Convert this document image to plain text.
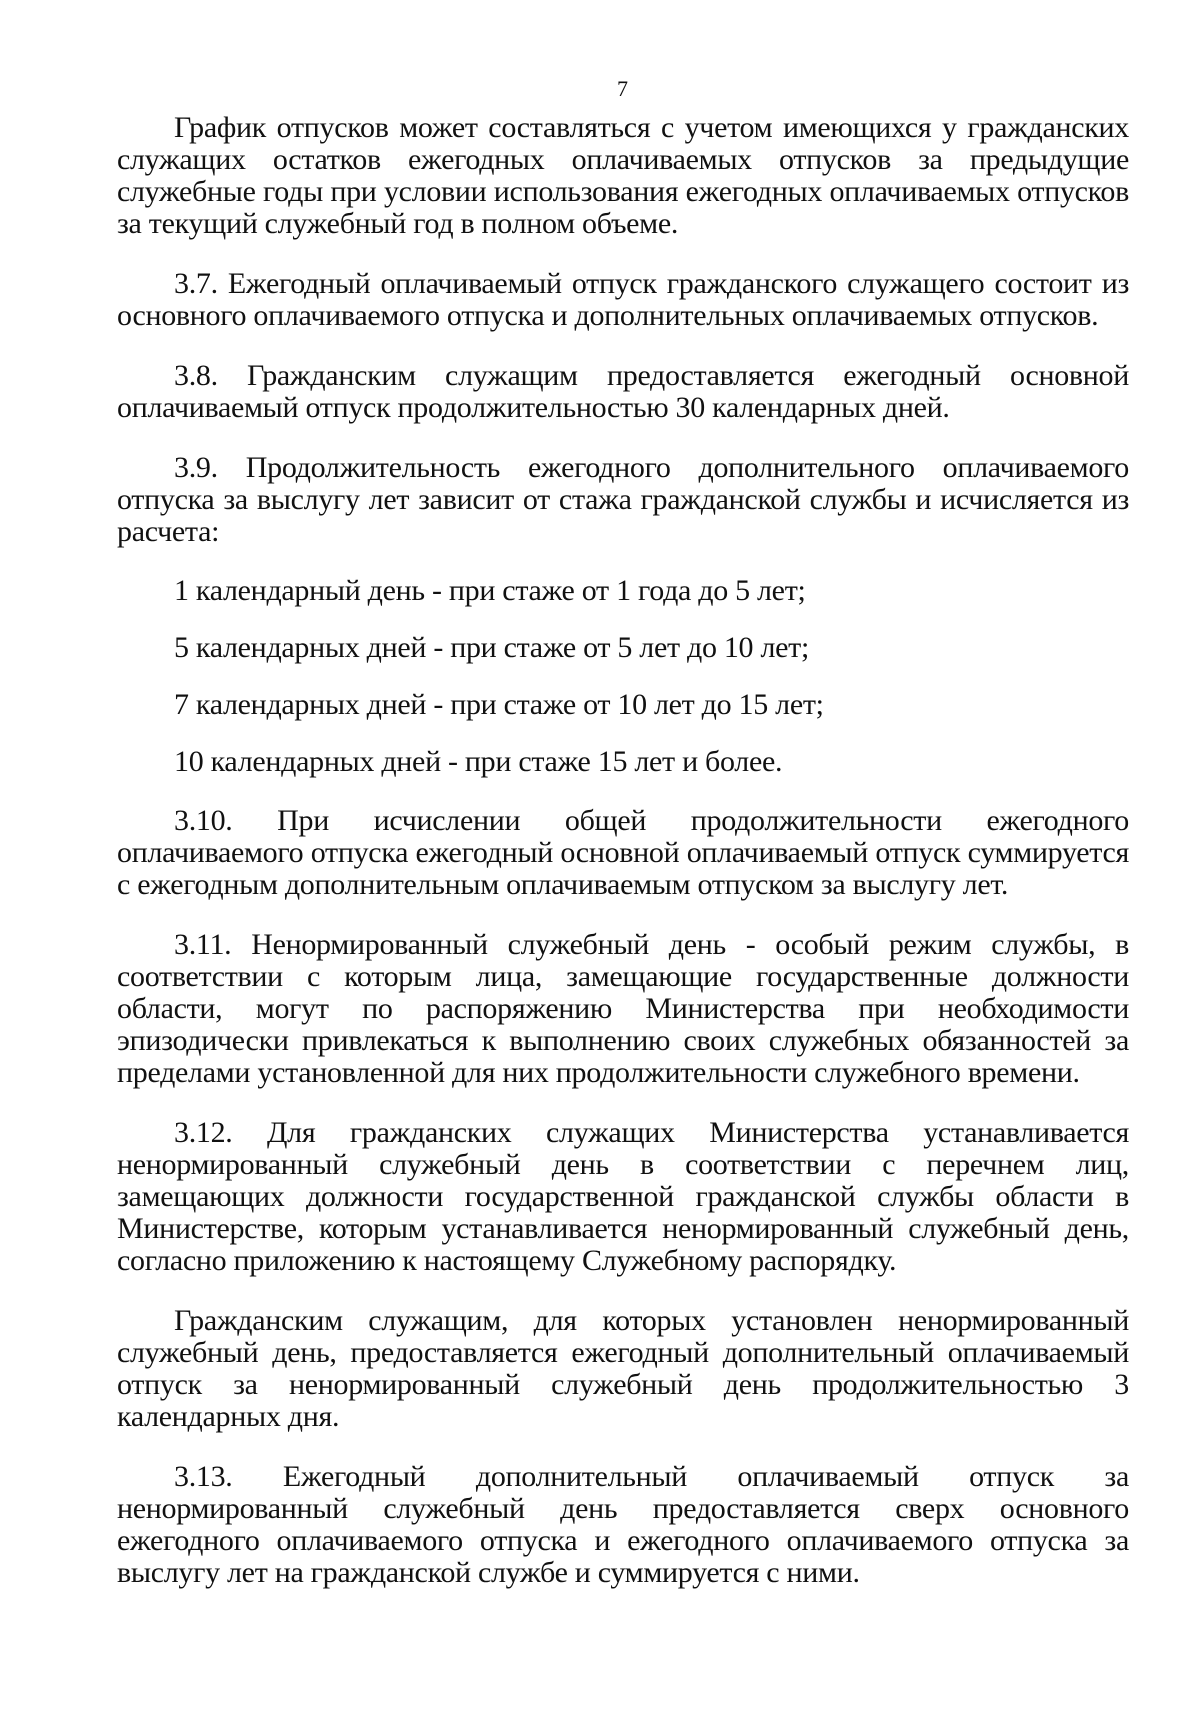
7

График отпусков может составляться с учетом имеющихся у гражданских служащих остатков ежегодных оплачиваемых отпусков за предыдущие служебные годы при условии использования ежегодных оплачиваемых отпусков за текущий служебный год в полном объеме.

3.7. Ежегодный оплачиваемый отпуск гражданского служащего состоит из основного оплачиваемого отпуска и дополнительных оплачиваемых отпусков.

3.8. Гражданским служащим предоставляется ежегодный основной оплачиваемый отпуск продолжительностью 30 календарных дней.

3.9. Продолжительность ежегодного дополнительного оплачиваемого отпуска за выслугу лет зависит от стажа гражданской службы и исчисляется из расчета:

1 календарный день - при стаже от 1 года до 5 лет;

5 календарных дней - при стаже от 5 лет до 10 лет;

7 календарных дней - при стаже от 10 лет до 15 лет;

10 календарных дней - при стаже 15 лет и более.

3.10. При исчислении общей продолжительности ежегодного оплачиваемого отпуска ежегодный основной оплачиваемый отпуск суммируется с ежегодным дополнительным оплачиваемым отпуском за выслугу лет.

3.11. Ненормированный служебный день - особый режим службы, в соответствии с которым лица, замещающие государственные должности области, могут по распоряжению Министерства при необходимости эпизодически привлекаться к выполнению своих служебных обязанностей за пределами установленной для них продолжительности служебного времени.

3.12. Для гражданских служащих Министерства устанавливается ненормированный служебный день в соответствии с перечнем лиц, замещающих должности государственной гражданской службы области в Министерстве, которым устанавливается ненормированный служебный день, согласно приложению к настоящему Служебному распорядку.

Гражданским служащим, для которых установлен ненормированный служебный день, предоставляется ежегодный дополнительный оплачиваемый отпуск за ненормированный служебный день продолжительностью 3 календарных дня.

3.13. Ежегодный дополнительный оплачиваемый отпуск за ненормированный служебный день предоставляется сверх основного ежегодного оплачиваемого отпуска и ежегодного оплачиваемого отпуска за выслугу лет на гражданской службе и суммируется с ними.
